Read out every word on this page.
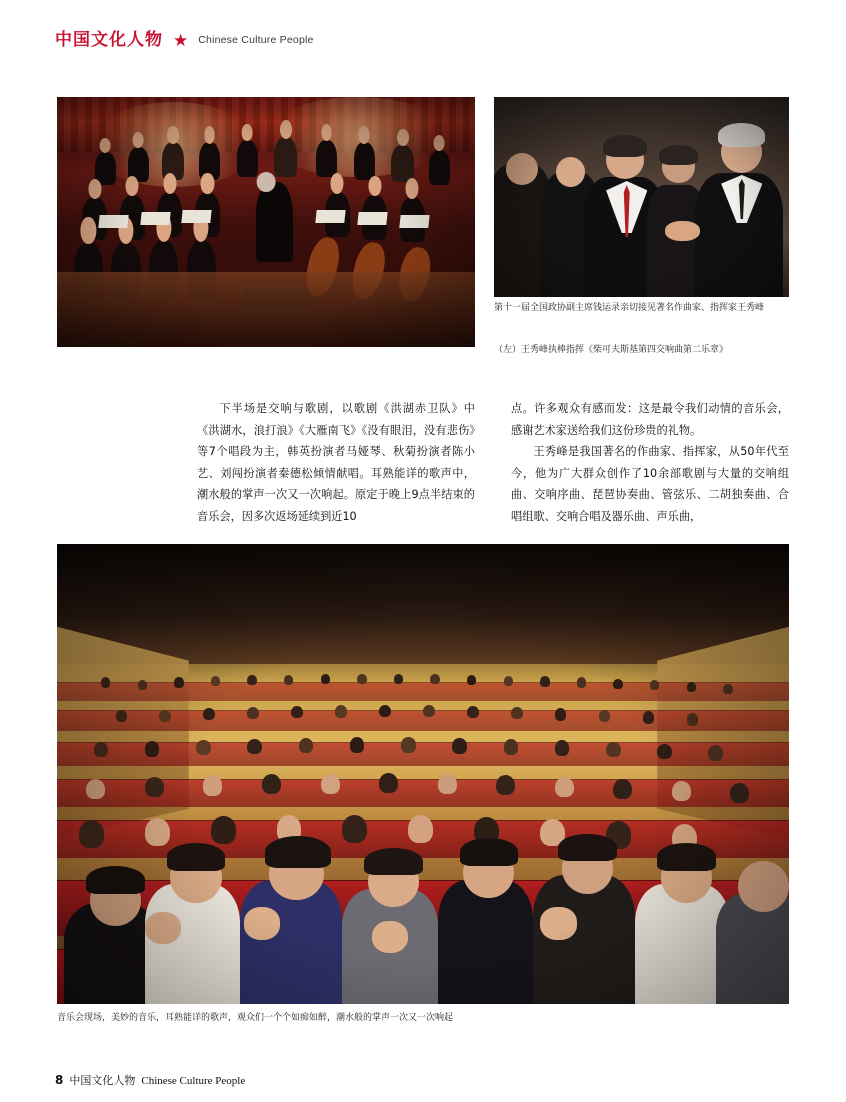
中国文化人物 ★ Chinese Culture People
第十一届全国政协副主席钱运录亲切接见著名作曲家、指挥家王秀峰
（左）王秀峰执棒指挥《柴可夫斯基第四交响曲第二乐章》

下半场是交响与歌剧，以歌剧《洪湖赤卫队》中《洪湖水，浪打浪》《大雁南飞》《没有眼泪，没有悲伤》等7个唱段为主，韩英扮演者马娅琴、秋菊扮演者陈小艺、刘闯扮演者秦德松倾情献唱。耳熟能详的歌声中，潮水般的掌声一次又一次响起。原定于晚上9点半结束的音乐会，因多次返场延续到近10

点。许多观众有感而发：这是最令我们动情的音乐会，感谢艺术家送给我们这份珍贵的礼物。

王秀峰是我国著名的作曲家、指挥家，从50年代至今，他为广大群众创作了10余部歌剧与大量的交响组曲、交响序曲、琵琶协奏曲、管弦乐、二胡独奏曲、合唱组歌、交响合唱及器乐曲、声乐曲，

音乐会现场，美妙的音乐，耳熟能详的歌声，观众们一个个如痴如醉，潮水般的掌声一次又一次响起
8 中国文化人物 Chinese Culture People
